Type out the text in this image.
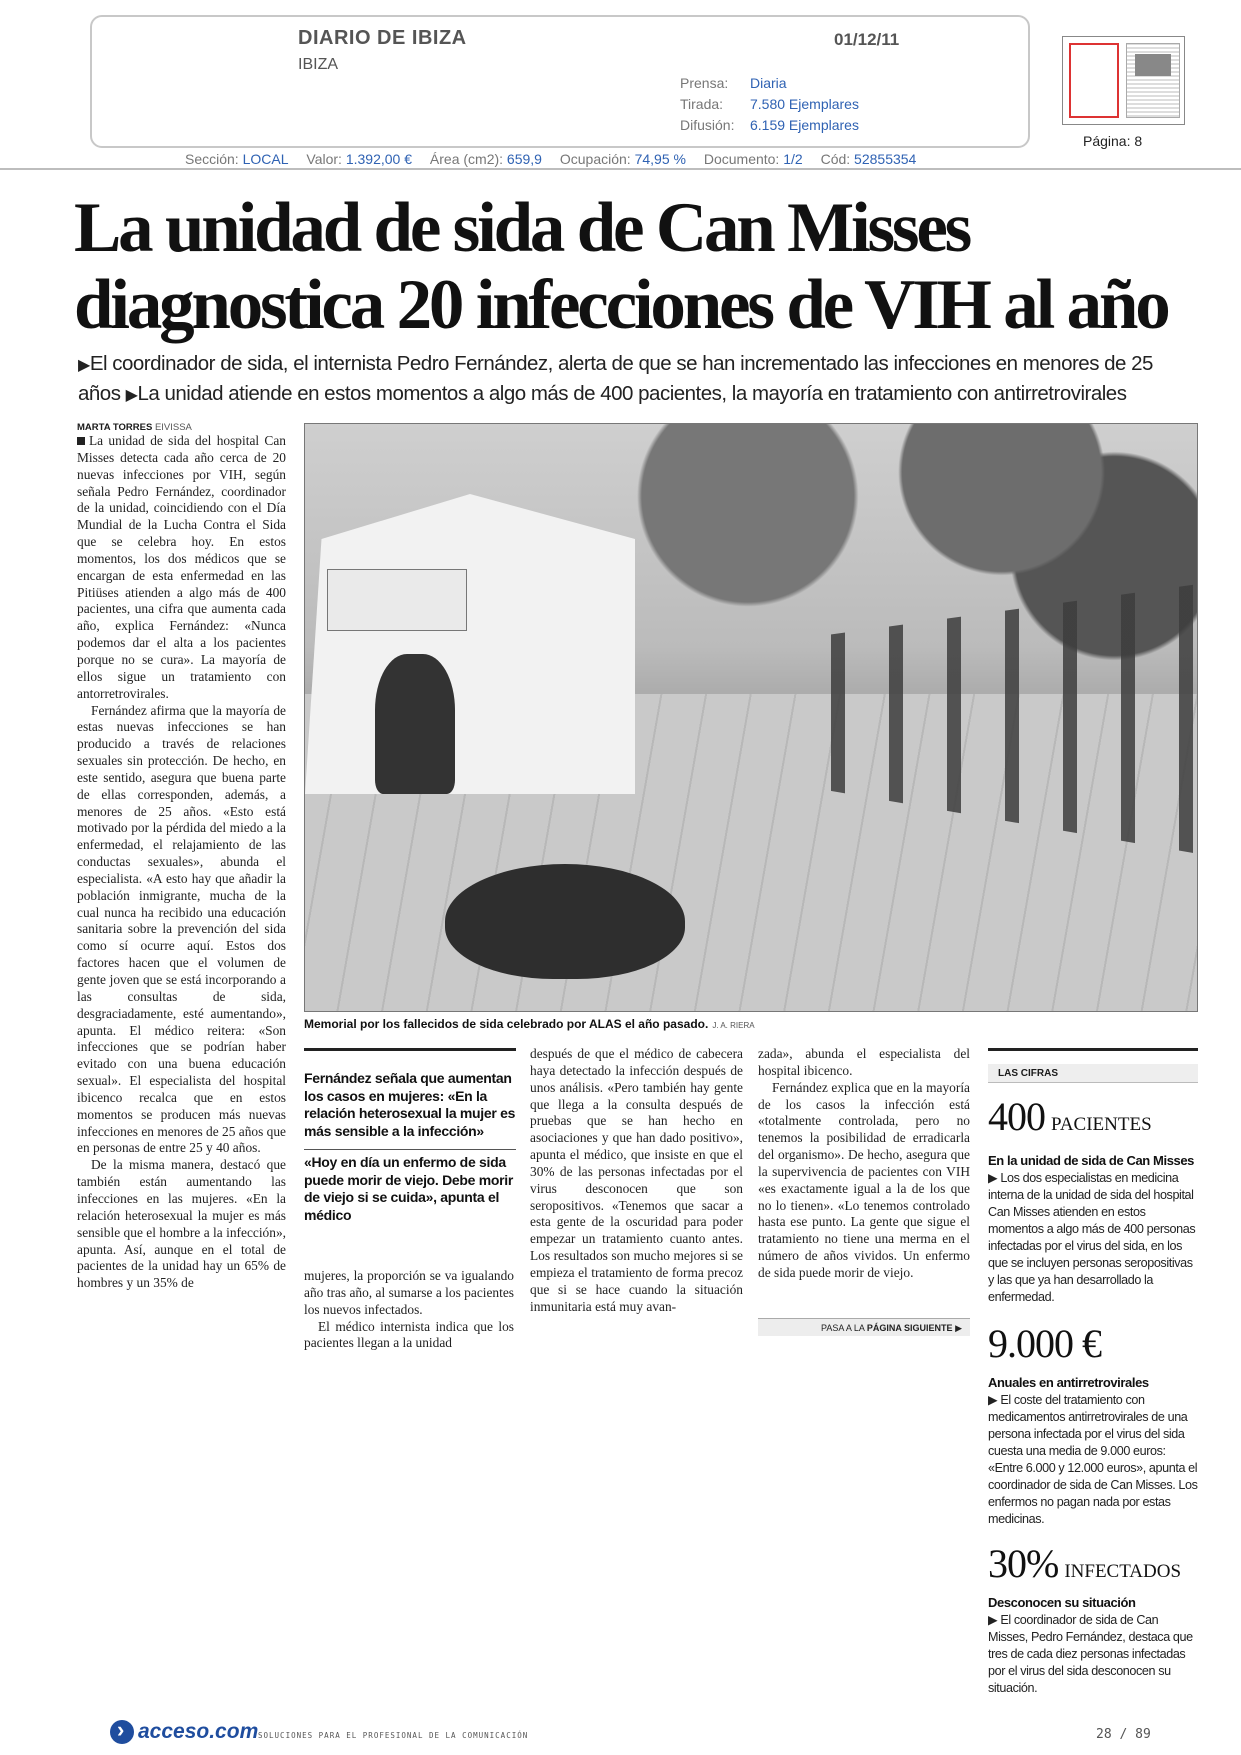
DIARIO DE IBIZA
IBIZA
01/12/11
Prensa: Diaria
Tirada: 7.580 Ejemplares
Difusión: 6.159 Ejemplares
Página: 8
Sección: LOCAL Valor: 1.392,00 € Área (cm2): 659,9 Ocupación: 74,95 % Documento: 1/2 Cód: 52855354
La unidad de sida de Can Misses
diagnostica 20 infecciones de VIH al año
▶El coordinador de sida, el internista Pedro Fernández, alerta de que se han incrementado las infecciones en menores de 25 años ▶La unidad atiende en estos momentos a algo más de 400 pacientes, la mayoría en tratamiento con antirretrovirales
MARTA TORRES EIVISSA

La unidad de sida del hospital Can Misses detecta cada año cerca de 20 nuevas infecciones por VIH, según señala Pedro Fernández, coordinador de la unidad, coincidiendo con el Día Mundial de la Lucha Contra el Sida que se celebra hoy. En estos momentos, los dos médicos que se encargan de esta enfermedad en las Pitiüses atienden a algo más de 400 pacientes, una cifra que aumenta cada año, explica Fernández: «Nunca podemos dar el alta a los pacientes porque no se cura». La mayoría de ellos sigue un tratamiento con antorretrovirales.

Fernández afirma que la mayoría de estas nuevas infecciones se han producido a través de relaciones sexuales sin protección. De hecho, en este sentido, asegura que buena parte de ellas corresponden, además, a menores de 25 años. «Esto está motivado por la pérdida del miedo a la enfermedad, el relajamiento de las conductas sexuales», abunda el especialista. «A esto hay que añadir la población inmigrante, mucha de la cual nunca ha recibido una educación sanitaria sobre la prevención del sida como sí ocurre aquí. Estos dos factores hacen que el volumen de gente joven que se está incorporando a las consultas de sida, desgraciadamente, esté aumentando», apunta. El médico reitera: «Son infecciones que se podrían haber evitado con una buena educación sexual». El especialista del hospital ibicenco recalca que en estos momentos se producen más nuevas infecciones en menores de 25 años que en personas de entre 25 y 40 años.

De la misma manera, destacó que también están aumentando las infecciones en las mujeres. «En la relación heterosexual la mujer es más sensible que el hombre a la infección», apunta. Así, aunque en el total de pacientes de la unidad hay un 65% de hombres y un 35% de

Memorial por los fallecidos de sida celebrado por ALAS el año pasado. J. A. RIERA
Fernández señala que aumentan los casos en mujeres: «En la relación heterosexual la mujer es más sensible a la infección»
«Hoy en día un enfermo de sida puede morir de viejo. Debe morir de viejo si se cuida», apunta el médico

mujeres, la proporción se va igualando año tras año, al sumarse a los pacientes los nuevos infectados.

El médico internista indica que los pacientes llegan a la unidad

después de que el médico de cabecera haya detectado la infección después de unos análisis. «Pero también hay gente que llega a la consulta después de pruebas que se han hecho en asociaciones y que han dado positivo», apunta el médico, que insiste en que el 30% de las personas infectadas por el virus desconocen que son seropositivos. «Tenemos que sacar a esta gente de la oscuridad para poder empezar un tratamiento cuanto antes. Los resultados son mucho mejores si se empieza el tratamiento de forma precoz que si se hace cuando la situación inmunitaria está muy avan-

zada», abunda el especialista del hospital ibicenco.

Fernández explica que en la mayoría de los casos la infección está «totalmente controlada, pero no tenemos la posibilidad de erradicarla del organismo». De hecho, asegura que la supervivencia de pacientes con VIH «es exactamente igual a la de los que no lo tienen». «Lo tenemos controlado hasta ese punto. La gente que sigue el tratamiento no tiene una merma en el número de años vividos. Un enfermo de sida puede morir de viejo.

PASA A LA PÁGINA SIGUIENTE ▶
LAS CIFRAS
400 PACIENTES
En la unidad de sida de Can Misses
▶ Los dos especialistas en medicina interna de la unidad de sida del hospital Can Misses atienden en estos momentos a algo más de 400 personas infectadas por el virus del sida, en los que se incluyen personas seropositivas y las que ya han desarrollado la enfermedad.
9.000 €
Anuales en antirretrovirales
▶ El coste del tratamiento con medicamentos antirretrovirales de una persona infectada por el virus del sida cuesta una media de 9.000 euros: «Entre 6.000 y 12.000 euros», apunta el coordinador de sida de Can Misses. Los enfermos no pagan nada por estas medicinas.
30% INFECTADOS
Desconocen su situación
▶ El coordinador de sida de Can Misses, Pedro Fernández, destaca que tres de cada diez personas infectadas por el virus del sida desconocen su situación.
›
acceso.com SOLUCIONES PARA EL PROFESIONAL DE LA COMUNICACIÓN	28 / 89
